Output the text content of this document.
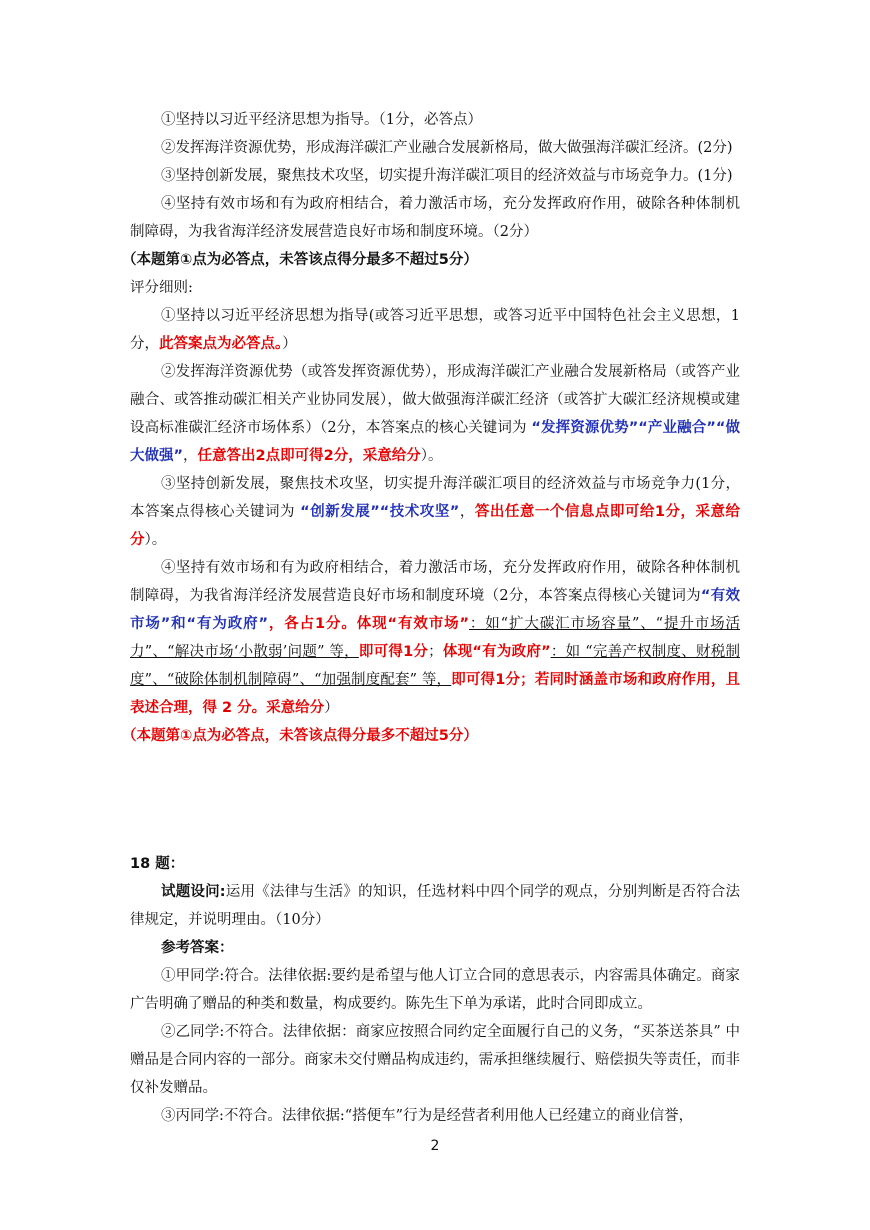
①坚持以习近平经济思想为指导。（1分，必答点）

②发挥海洋资源优势，形成海洋碳汇产业融合发展新格局，做大做强海洋碳汇经济。(2分)

③坚持创新发展，聚焦技术攻坚，切实提升海洋碳汇项目的经济效益与市场竞争力。(1分)

④坚持有效市场和有为政府相结合，着力激活市场，充分发挥政府作用，破除各种体制机制障碍，为我省海洋经济发展营造良好市场和制度环境。（2分）

（本题第①点为必答点，未答该点得分最多不超过5分）

评分细则:

①坚持以习近平经济思想为指导(或答习近平思想，或答习近平中国特色社会主义思想，1分，此答案点为必答点。）

②发挥海洋资源优势（或答发挥资源优势），形成海洋碳汇产业融合发展新格局（或答产业融合、或答推动碳汇相关产业协同发展），做大做强海洋碳汇经济（或答扩大碳汇经济规模或建设高标准碳汇经济市场体系）（2分，本答案点的核心关键词为 “发挥资源优势”“产业融合”“做大做强”，任意答出2点即可得2分，采意给分）。

③坚持创新发展，聚焦技术攻坚，切实提升海洋碳汇项目的经济效益与市场竞争力(1分，本答案点得核心关键词为 “创新发展”“技术攻坚”，答出任意一个信息点即可给1分，采意给分）。

④坚持有效市场和有为政府相结合，着力激活市场，充分发挥政府作用，破除各种体制机制障碍，为我省海洋经济发展营造良好市场和制度环境（2分，本答案点得核心关键词为“有效市场”和“有为政府”，各占1分。体现“有效市场”：如“扩大碳汇市场容量”、“提升市场活力”、“解决市场‘小散弱’问题” 等，即可得1分；体现“有为政府”：如 “完善产权制度、财税制度”、“破除体制机制障碍”、“加强制度配套” 等，即可得1分；若同时涵盖市场和政府作用，且表述合理，得 2 分。采意给分）

（本题第①点为必答点，未答该点得分最多不超过5分）

18 题：

试题设问:运用《法律与生活》的知识，任选材料中四个同学的观点，分别判断是否符合法律规定，并说明理由。（10分）

参考答案：

①甲同学:符合。法律依据:要约是希望与他人订立合同的意思表示，内容需具体确定。商家广告明确了赠品的种类和数量，构成要约。陈先生下单为承诺，此时合同即成立。

②乙同学:不符合。法律依据：商家应按照合同约定全面履行自己的义务，“买茶送茶具” 中赠品是合同内容的一部分。商家未交付赠品构成违约，需承担继续履行、赔偿损失等责任，而非仅补发赠品。

③丙同学:不符合。法律依据:“搭便车”行为是经营者利用他人已经建立的商业信誉，

2
